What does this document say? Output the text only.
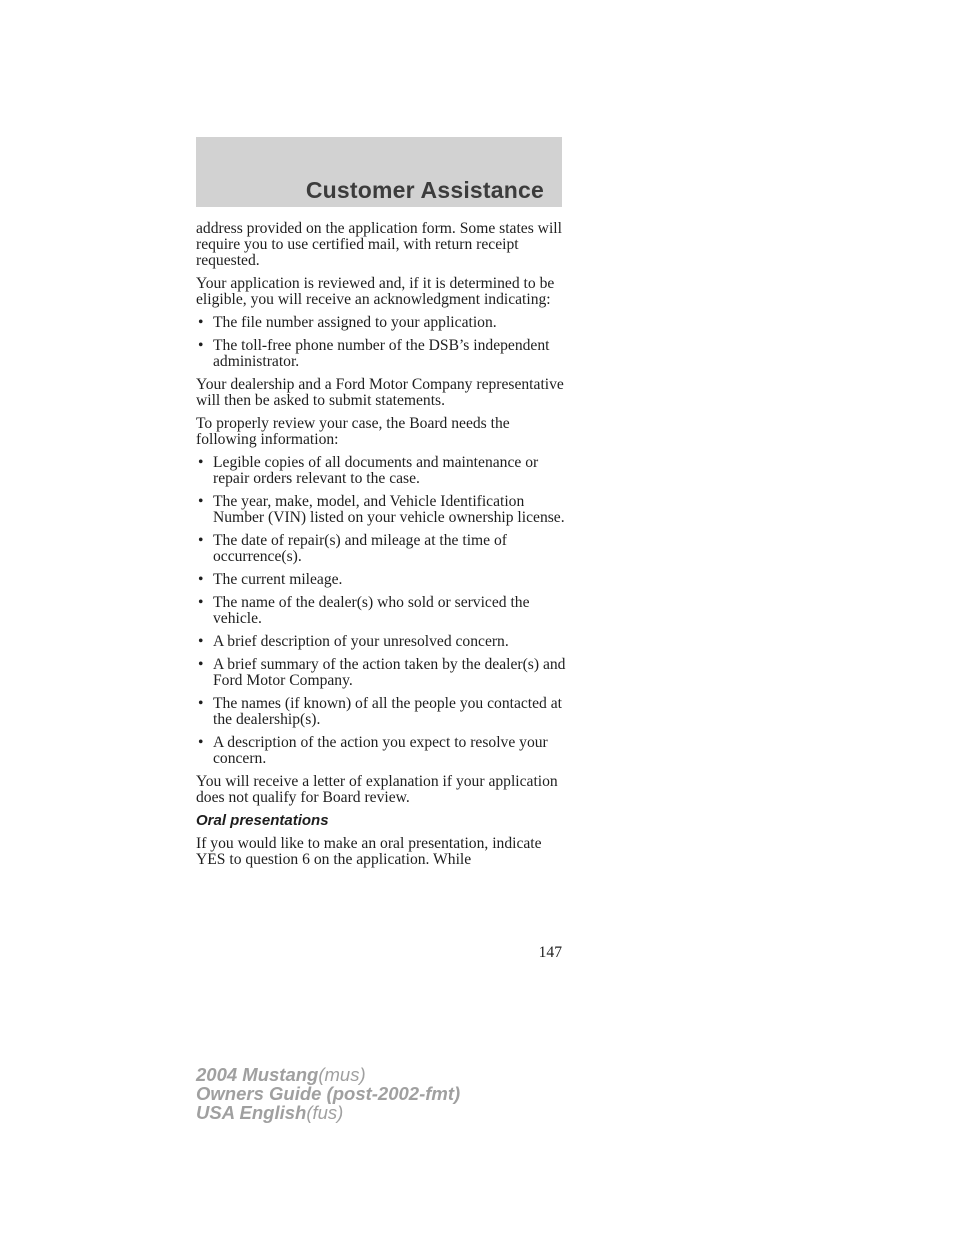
Customer Assistance

address provided on the application form. Some states will require you to use certified mail, with return receipt requested.

Your application is reviewed and, if it is determined to be eligible, you will receive an acknowledgment indicating:

• The file number assigned to your application.
• The toll-free phone number of the DSB’s independent administrator.

Your dealership and a Ford Motor Company representative will then be asked to submit statements.

To properly review your case, the Board needs the following information:

• Legible copies of all documents and maintenance or repair orders relevant to the case.
• The year, make, model, and Vehicle Identification Number (VIN) listed on your vehicle ownership license.
• The date of repair(s) and mileage at the time of occurrence(s).
• The current mileage.
• The name of the dealer(s) who sold or serviced the vehicle.
• A brief description of your unresolved concern.
• A brief summary of the action taken by the dealer(s) and Ford Motor Company.
• The names (if known) of all the people you contacted at the dealership(s).
• A description of the action you expect to resolve your concern.

You will receive a letter of explanation if your application does not qualify for Board review.

Oral presentations

If you would like to make an oral presentation, indicate YES to question 6 on the application. While

147
2004 Mustang(mus)
Owners Guide (post-2002-fmt)
USA English(fus)
